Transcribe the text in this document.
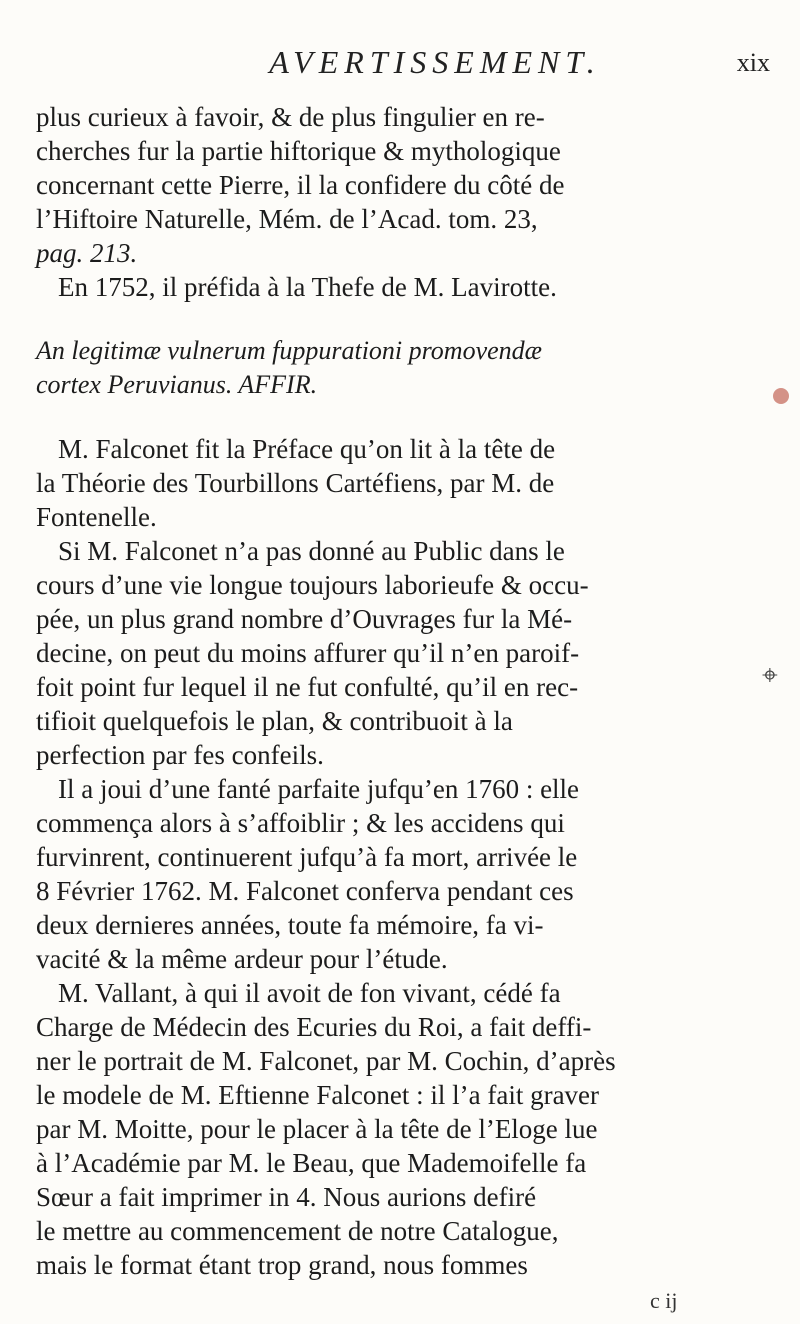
AVERTISSEMENT.	xix
⌖
plus curieux à favoir, & de plus fingulier en re-
cherches fur la partie hiftorique & mythologique
concernant cette Pierre, il la confidere du côté de
l’Hiftoire Naturelle, Mém. de l’Acad. tom. 23,
pag. 213.
En 1752, il préfida à la Thefe de M. Lavirotte.
An legitimæ vulnerum fuppurationi promovendæ
cortex Peruvianus. AFFIR.
M. Falconet fit la Préface qu’on lit à la tête de
la Théorie des Tourbillons Cartéfiens, par M. de
Fontenelle.
Si M. Falconet n’a pas donné au Public dans le
cours d’une vie longue toujours laborieufe & occu-
pée, un plus grand nombre d’Ouvrages fur la Mé-
decine, on peut du moins affurer qu’il n’en paroif-
foit point fur lequel il ne fut confulté, qu’il en rec-
tifioit quelquefois le plan, & contribuoit à la
perfection par fes confeils.
Il a joui d’une fanté parfaite jufqu’en 1760 : elle
commença alors à s’affoiblir ; & les accidens qui
furvinrent, continuerent jufqu’à fa mort, arrivée le
8 Février 1762. M. Falconet conferva pendant ces
deux dernieres années, toute fa mémoire, fa vi-
vacité & la même ardeur pour l’étude.
M. Vallant, à qui il avoit de fon vivant, cédé fa
Charge de Médecin des Ecuries du Roi, a fait deffi-
ner le portrait de M. Falconet, par M. Cochin, d’après
le modele de M. Eftienne Falconet : il l’a fait graver
par M. Moitte, pour le placer à la tête de l’Eloge lue
à l’Académie par M. le Beau, que Mademoifelle fa
Sœur a fait imprimer in 4. Nous aurions defiré
le mettre au commencement de notre Catalogue,
mais le format étant trop grand, nous fommes
c ij
